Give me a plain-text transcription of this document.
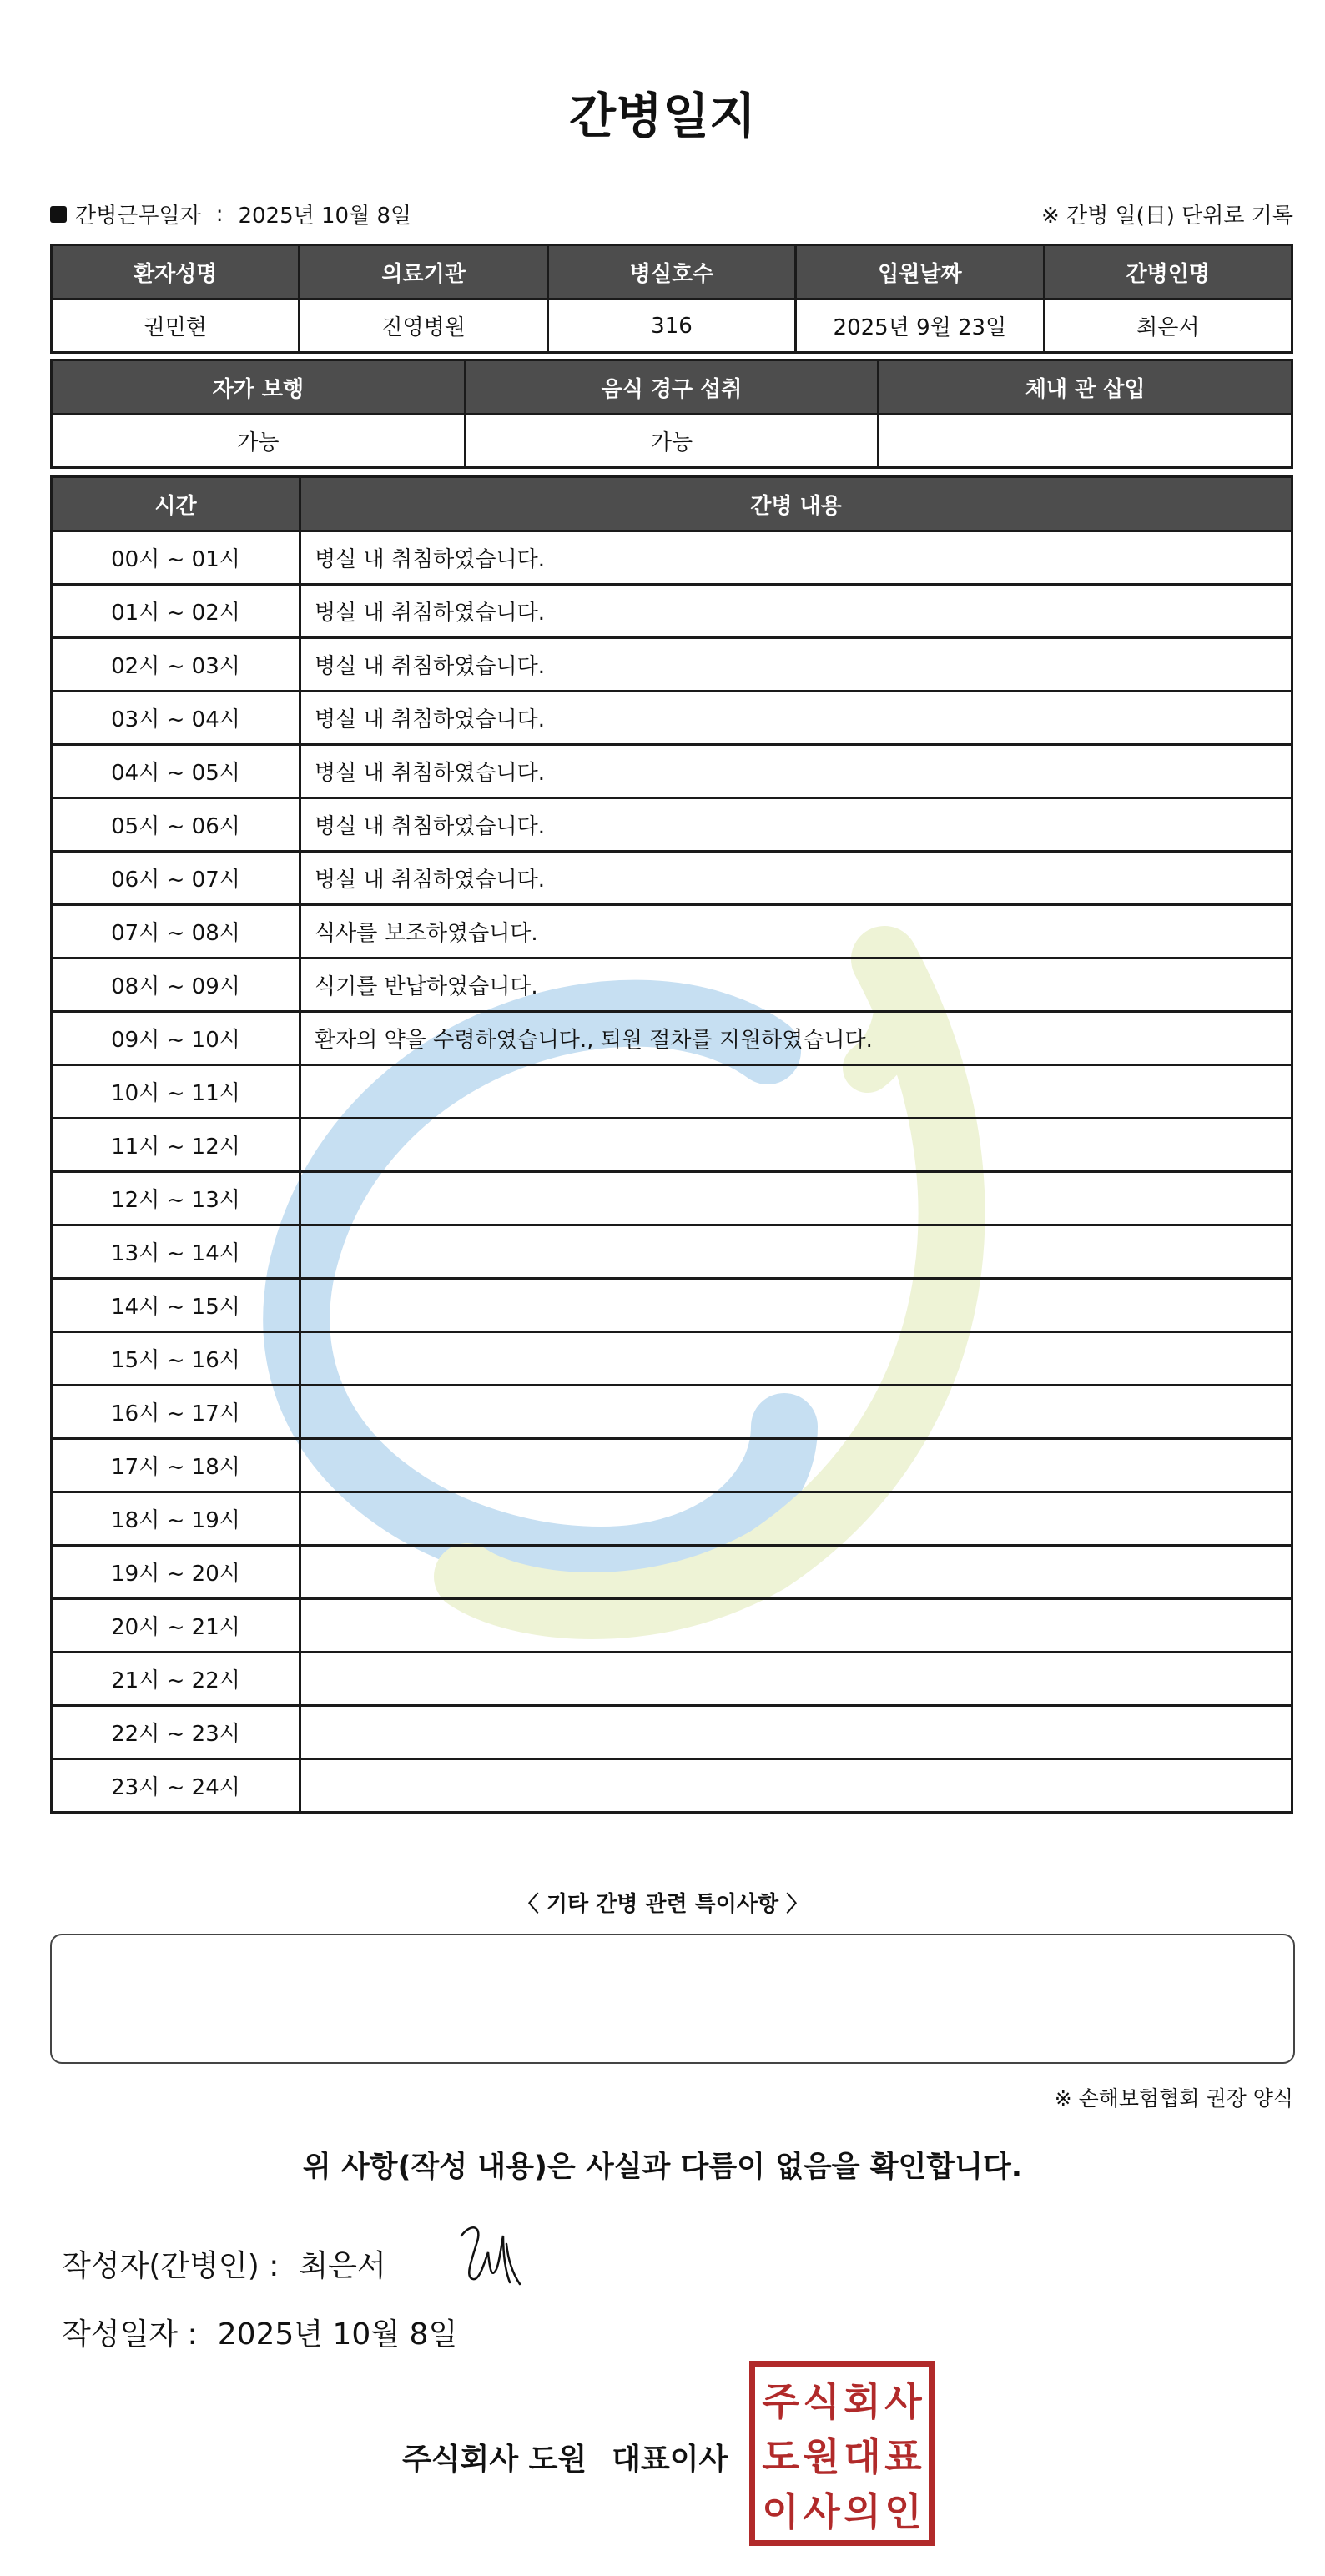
간병일지
간병근무일자 : 2025년 10월 8일	※ 간병 일(日) 단위로 기록
환자성명	의료기관	병실호수	입원날짜	간병인명
권민현	진영병원	316	2025년 9월 23일	최은서
자가 보행	음식 경구 섭취	체내 관 삽입
가능	가능	
시간	간병 내용
00시 ~ 01시	병실 내 취침하였습니다.
01시 ~ 02시	병실 내 취침하였습니다.
02시 ~ 03시	병실 내 취침하였습니다.
03시 ~ 04시	병실 내 취침하였습니다.
04시 ~ 05시	병실 내 취침하였습니다.
05시 ~ 06시	병실 내 취침하였습니다.
06시 ~ 07시	병실 내 취침하였습니다.
07시 ~ 08시	식사를 보조하였습니다.
08시 ~ 09시	식기를 반납하였습니다.
09시 ~ 10시	환자의 약을 수령하였습니다., 퇴원 절차를 지원하였습니다.
10시 ~ 11시	
11시 ~ 12시	
12시 ~ 13시	
13시 ~ 14시	
14시 ~ 15시	
15시 ~ 16시	
16시 ~ 17시	
17시 ~ 18시	
18시 ~ 19시	
19시 ~ 20시	
20시 ~ 21시	
21시 ~ 22시	
22시 ~ 23시	
23시 ~ 24시	
〈 기타 간병 관련 특이사항 〉
※ 손해보험협회 권장 양식
위 사항(작성 내용)은 사실과 다름이 없음을 확인합니다.
작성자(간병인) : 최은서
작성일자 : 2025년 10월 8일
주식회사 도원 대표이사
주 식 회 사
도 원 대 표
이 사 의 인
